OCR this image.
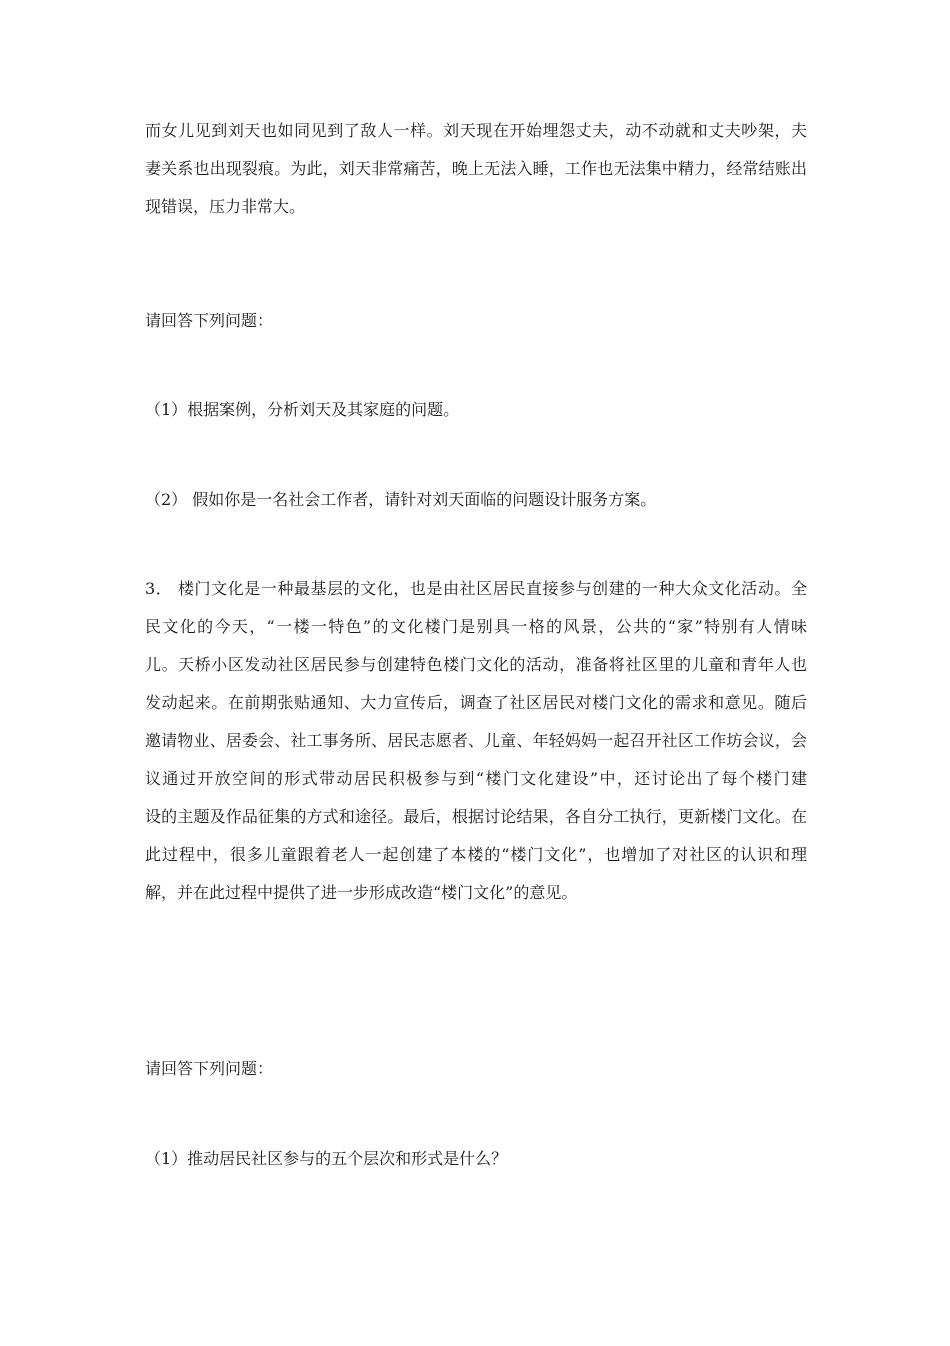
而女儿见到刘天也如同见到了敌人一样。刘天现在开始埋怨丈夫，动不动就和丈夫吵架，夫
妻关系也出现裂痕。为此，刘天非常痛苦，晚上无法入睡，工作也无法集中精力，经常结账出
现错误，压力非常大。
请回答下列问题：
（1）根据案例，分析刘天及其家庭的问题。
（2） 假如你是一名社会工作者，请针对刘天面临的问题设计服务方案。
3． 楼门文化是一种最基层的文化，也是由社区居民直接参与创建的一种大众文化活动。全
民文化的今天，“一楼一特色”的文化楼门是别具一格的风景，公共的“家”特别有人情味
儿。天桥小区发动社区居民参与创建特色楼门文化的活动，准备将社区里的儿童和青年人也
发动起来。在前期张贴通知、大力宣传后，调查了社区居民对楼门文化的需求和意见。随后
邀请物业、居委会、社工事务所、居民志愿者、儿童、年轻妈妈一起召开社区工作坊会议，会
议通过开放空间的形式带动居民积极参与到“楼门文化建设”中，还讨论出了每个楼门建
设的主题及作品征集的方式和途径。最后，根据讨论结果，各自分工执行，更新楼门文化。在
此过程中，很多儿童跟着老人一起创建了本楼的“楼门文化”，也增加了对社区的认识和理
解，并在此过程中提供了进一步形成改造“楼门文化”的意见。
请回答下列问题：
（1）推动居民社区参与的五个层次和形式是什么？
